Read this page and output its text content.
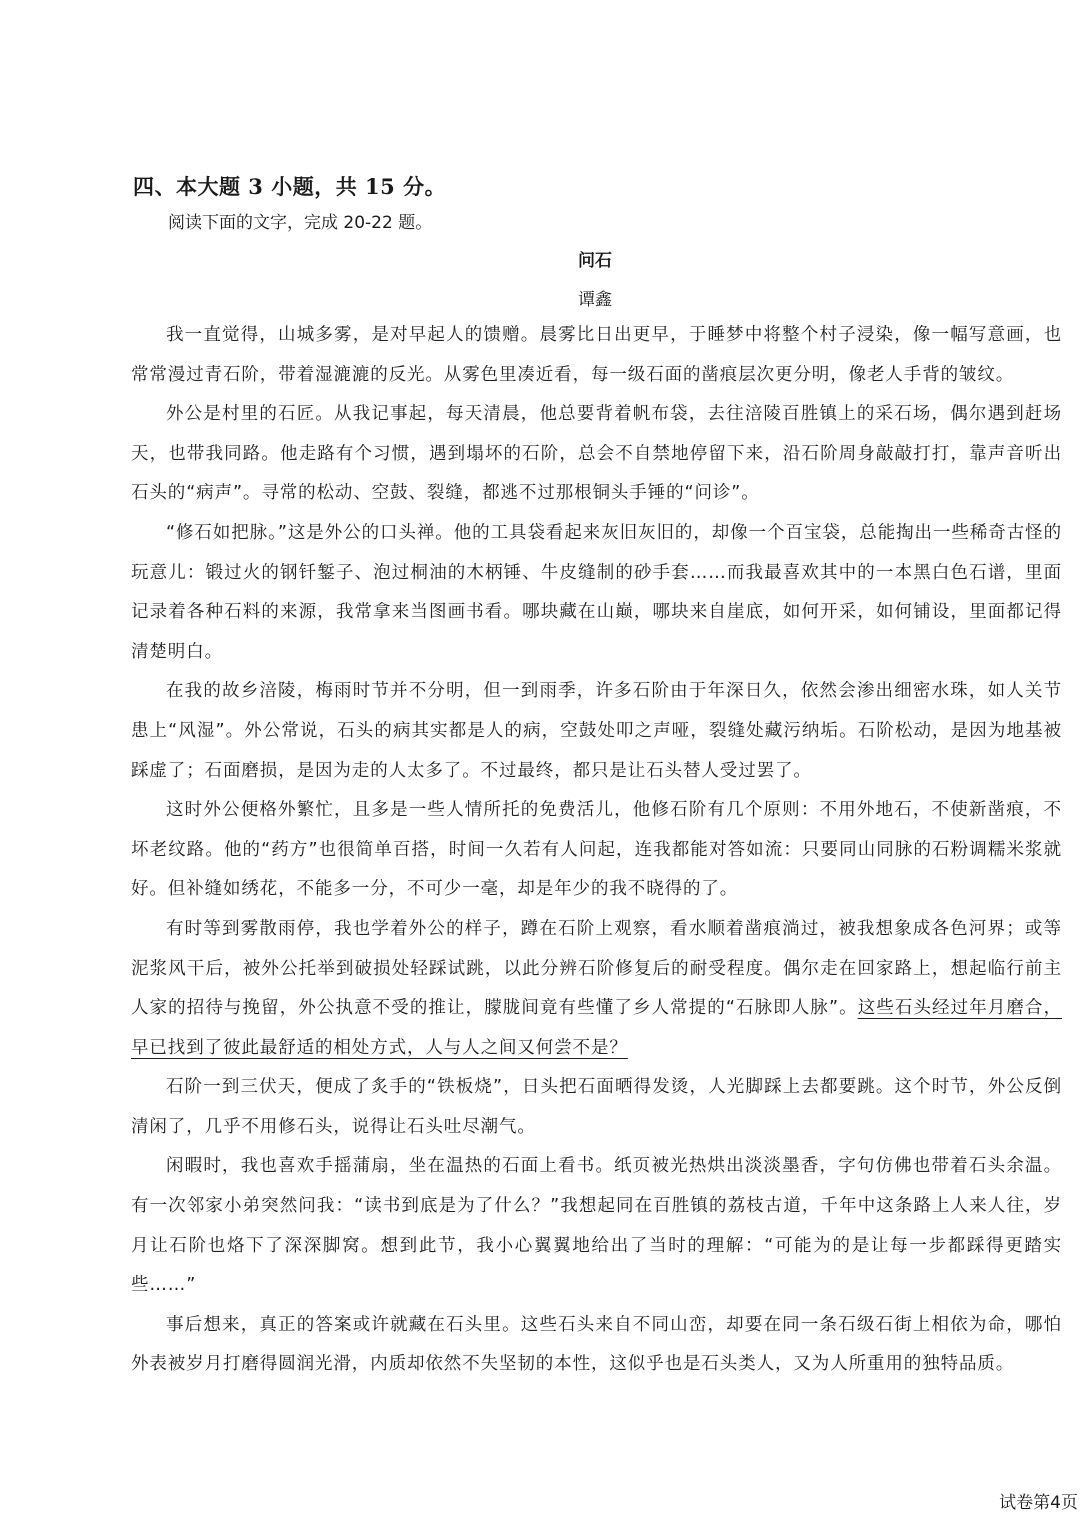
四、本大题 3 小题，共 15 分。
阅读下面的文字，完成 20-22 题。
问石
谭鑫

我一直觉得，山城多雾，是对早起人的馈赠。晨雾比日出更早，于睡梦中将整个村子浸染，像一幅写意画，也常常漫过青石阶，带着湿漉漉的反光。从雾色里凑近看，每一级石面的凿痕层次更分明，像老人手背的皱纹。

外公是村里的石匠。从我记事起，每天清晨，他总要背着帆布袋，去往涪陵百胜镇上的采石场，偶尔遇到赶场天，也带我同路。他走路有个习惯，遇到塌坏的石阶，总会不自禁地停留下来，沿石阶周身敲敲打打，靠声音听出石头的“病声”。寻常的松动、空鼓、裂缝，都逃不过那根铜头手锤的“问诊”。

“修石如把脉。”这是外公的口头禅。他的工具袋看起来灰旧灰旧的，却像一个百宝袋，总能掏出一些稀奇古怪的玩意儿：锻过火的钢钎錾子、泡过桐油的木柄锤、牛皮缝制的砂手套……而我最喜欢其中的一本黑白色石谱，里面记录着各种石料的来源，我常拿来当图画书看。哪块藏在山巅，哪块来自崖底，如何开采，如何铺设，里面都记得清楚明白。

在我的故乡涪陵，梅雨时节并不分明，但一到雨季，许多石阶由于年深日久，依然会渗出细密水珠，如人关节患上“风湿”。外公常说，石头的病其实都是人的病，空鼓处叩之声哑，裂缝处藏污纳垢。石阶松动，是因为地基被踩虚了；石面磨损，是因为走的人太多了。不过最终，都只是让石头替人受过罢了。

这时外公便格外繁忙，且多是一些人情所托的免费活儿，他修石阶有几个原则：不用外地石，不使新凿痕，不坏老纹路。他的“药方”也很简单百搭，时间一久若有人问起，连我都能对答如流：只要同山同脉的石粉调糯米浆就好。但补缝如绣花，不能多一分，不可少一毫，却是年少的我不晓得的了。

有时等到雾散雨停，我也学着外公的样子，蹲在石阶上观察，看水顺着凿痕淌过，被我想象成各色河界；或等泥浆风干后，被外公托举到破损处轻踩试跳，以此分辨石阶修复后的耐受程度。偶尔走在回家路上，想起临行前主人家的招待与挽留，外公执意不受的推让，朦胧间竟有些懂了乡人常提的“石脉即人脉”。这些石头经过年月磨合，早已找到了彼此最舒适的相处方式，人与人之间又何尝不是？

石阶一到三伏天，便成了炙手的“铁板烧”，日头把石面晒得发烫，人光脚踩上去都要跳。这个时节，外公反倒清闲了，几乎不用修石头，说得让石头吐尽潮气。

闲暇时，我也喜欢手摇蒲扇，坐在温热的石面上看书。纸页被光热烘出淡淡墨香，字句仿佛也带着石头余温。有一次邻家小弟突然问我：“读书到底是为了什么？”我想起同在百胜镇的荔枝古道，千年中这条路上人来人往，岁月让石阶也烙下了深深脚窝。想到此节，我小心翼翼地给出了当时的理解：“可能为的是让每一步都踩得更踏实些……”

事后想来，真正的答案或许就藏在石头里。这些石头来自不同山峦，却要在同一条石级石街上相依为命，哪怕外表被岁月打磨得圆润光滑，内质却依然不失坚韧的本性，这似乎也是石头类人，又为人所重用的独特品质。

试卷第4页
